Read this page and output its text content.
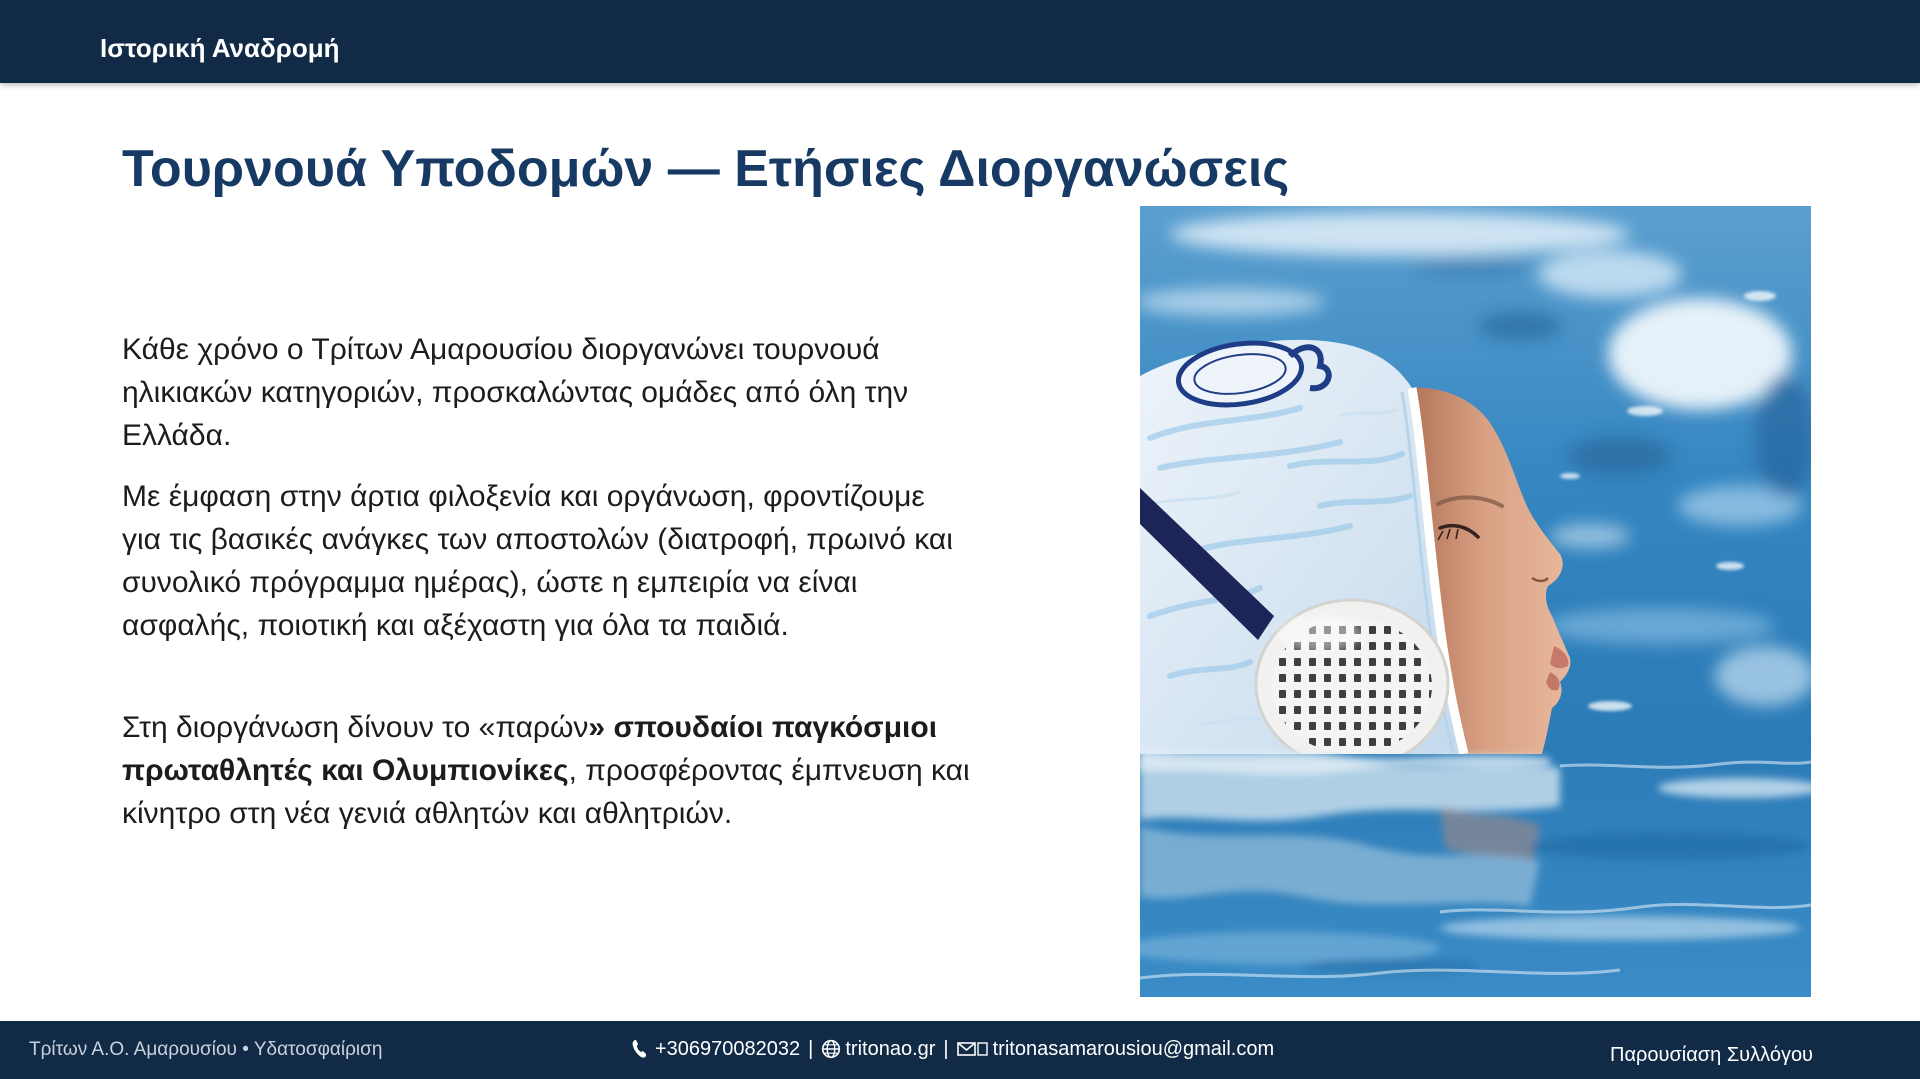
Ιστορική Αναδρομή
Τουρνουά Υποδομών — Ετήσιες Διοργανώσεις
Κάθε χρόνο ο Τρίτων Αμαρουσίου διοργανώνει τουρνουά
ηλικιακών κατηγοριών, προσκαλώντας ομάδες από όλη την
Ελλάδα.
Με έμφαση στην άρτια φιλοξενία και οργάνωση, φροντίζουμε
για τις βασικές ανάγκες των αποστολών (διατροφή, πρωινό και
συνολικό πρόγραμμα ημέρας), ώστε η εμπειρία να είναι
ασφαλής, ποιοτική και αξέχαστη για όλα τα παιδιά.
Στη διοργάνωση δίνουν το «παρών» σπουδαίοι παγκόσμιοι
πρωταθλητές και Ολυμπιονίκες, προσφέροντας έμπνευση και
κίνητρο στη νέα γενιά αθλητών και αθλητριών.
Τρίτων Α.Ο. Αμαρουσίου • Υδατοσφαίριση	+306970082032 | tritonao.gr | tritonasamarousiou@gmail.com	Παρουσίαση Συλλόγου
